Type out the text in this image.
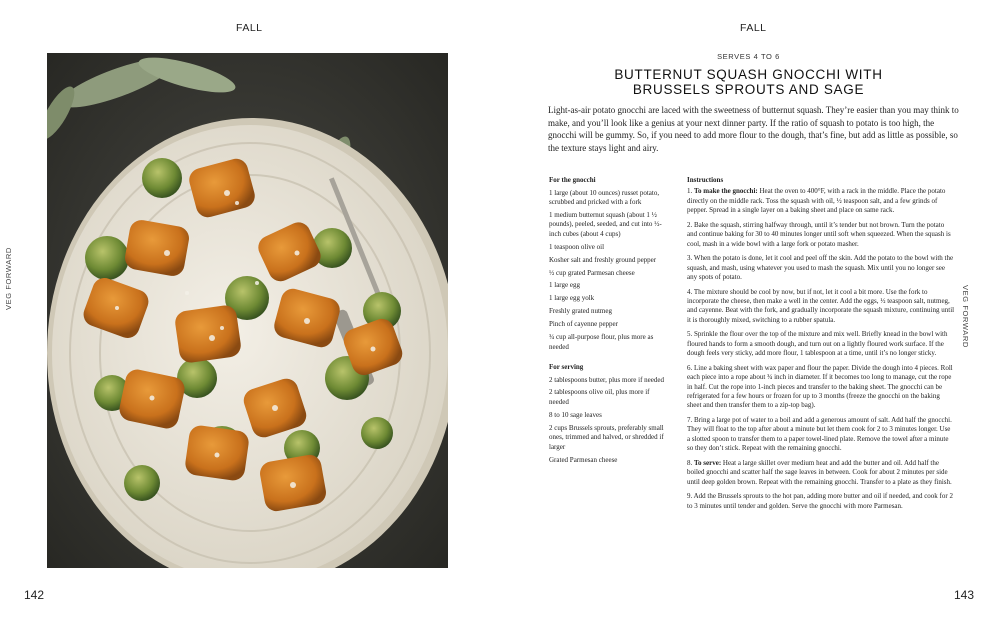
FALL
VEG FORWARD
142
FALL
VEG FORWARD
SERVES 4 TO 6
BUTTERNUT SQUASH GNOCCHI WITH
BRUSSELS SPROUTS AND SAGE

Light-as-air potato gnocchi are laced with the sweetness of butternut squash. They’re easier than you may think to make, and you’ll look like a genius at your next dinner party. If the ratio of squash to potato is too high, the gnocchi will be gummy. So, if you need to add more flour to the dough, that’s fine, but add as little as possible, so the texture stays light and airy.

For the gnocchi
1 large (about 10 ounces) russet potato, scrubbed and pricked with a fork
1 medium butternut squash (about 1 ½ pounds), peeled, seeded, and cut into ½-inch cubes (about 4 cups)
1 teaspoon olive oil
Kosher salt and freshly ground pepper
½ cup grated Parmesan cheese
1 large egg
1 large egg yolk
Freshly grated nutmeg
Pinch of cayenne pepper
¾ cup all-purpose flour, plus more as needed
For serving
2 tablespoons butter, plus more if needed
2 tablespoons olive oil, plus more if needed
8 to 10 sage leaves
2 cups Brussels sprouts, preferably small ones, trimmed and halved, or shredded if larger
Grated Parmesan cheese
Instructions
1. To make the gnocchi: Heat the oven to 400°F, with a rack in the middle. Place the potato directly on the middle rack. Toss the squash with oil, ½ teaspoon salt, and a few grinds of pepper. Spread in a single layer on a baking sheet and place on same rack.
2. Bake the squash, stirring halfway through, until it’s tender but not brown. Turn the potato and continue baking for 30 to 40 minutes longer until soft when squeezed. When the squash is cool, mash in a wide bowl with a large fork or potato masher.
3. When the potato is done, let it cool and peel off the skin. Add the potato to the bowl with the squash, and mash, using whatever you used to mash the squash. Mix until you no longer see any spots of potato.
4. The mixture should be cool by now, but if not, let it cool a bit more. Use the fork to incorporate the cheese, then make a well in the center. Add the eggs, ½ teaspoon salt, nutmeg, and cayenne. Beat with the fork, and gradually incorporate the squash mixture, continuing until it is thoroughly mixed, switching to a rubber spatula.
5. Sprinkle the flour over the top of the mixture and mix well. Briefly knead in the bowl with floured hands to form a smooth dough, and turn out on a lightly floured work surface. If the dough feels very sticky, add more flour, 1 tablespoon at a time, until it’s no longer sticky.
6. Line a baking sheet with wax paper and flour the paper. Divide the dough into 4 pieces. Roll each piece into a rope about ¾ inch in diameter. If it becomes too long to manage, cut the rope in half. Cut the rope into 1-inch pieces and transfer to the baking sheet. The gnocchi can be refrigerated for a few hours or frozen for up to 3 months (freeze the gnocchi on the baking sheet and then transfer them to a zip-top bag).
7. Bring a large pot of water to a boil and add a generous amount of salt. Add half the gnocchi. They will float to the top after about a minute but let them cook for 2 to 3 minutes longer. Use a slotted spoon to transfer them to a paper towel-lined plate. Remove the towel after a minute so they don’t stick. Repeat with the remaining gnocchi.
8. To serve: Heat a large skillet over medium heat and add the butter and oil. Add half the boiled gnocchi and scatter half the sage leaves in between. Cook for about 2 minutes per side until deep golden brown. Repeat with the remaining gnocchi. Transfer to a plate as they finish.
9. Add the Brussels sprouts to the hot pan, adding more butter and oil if needed, and cook for 2 to 3 minutes until tender and golden. Serve the gnocchi with more Parmesan.
143
